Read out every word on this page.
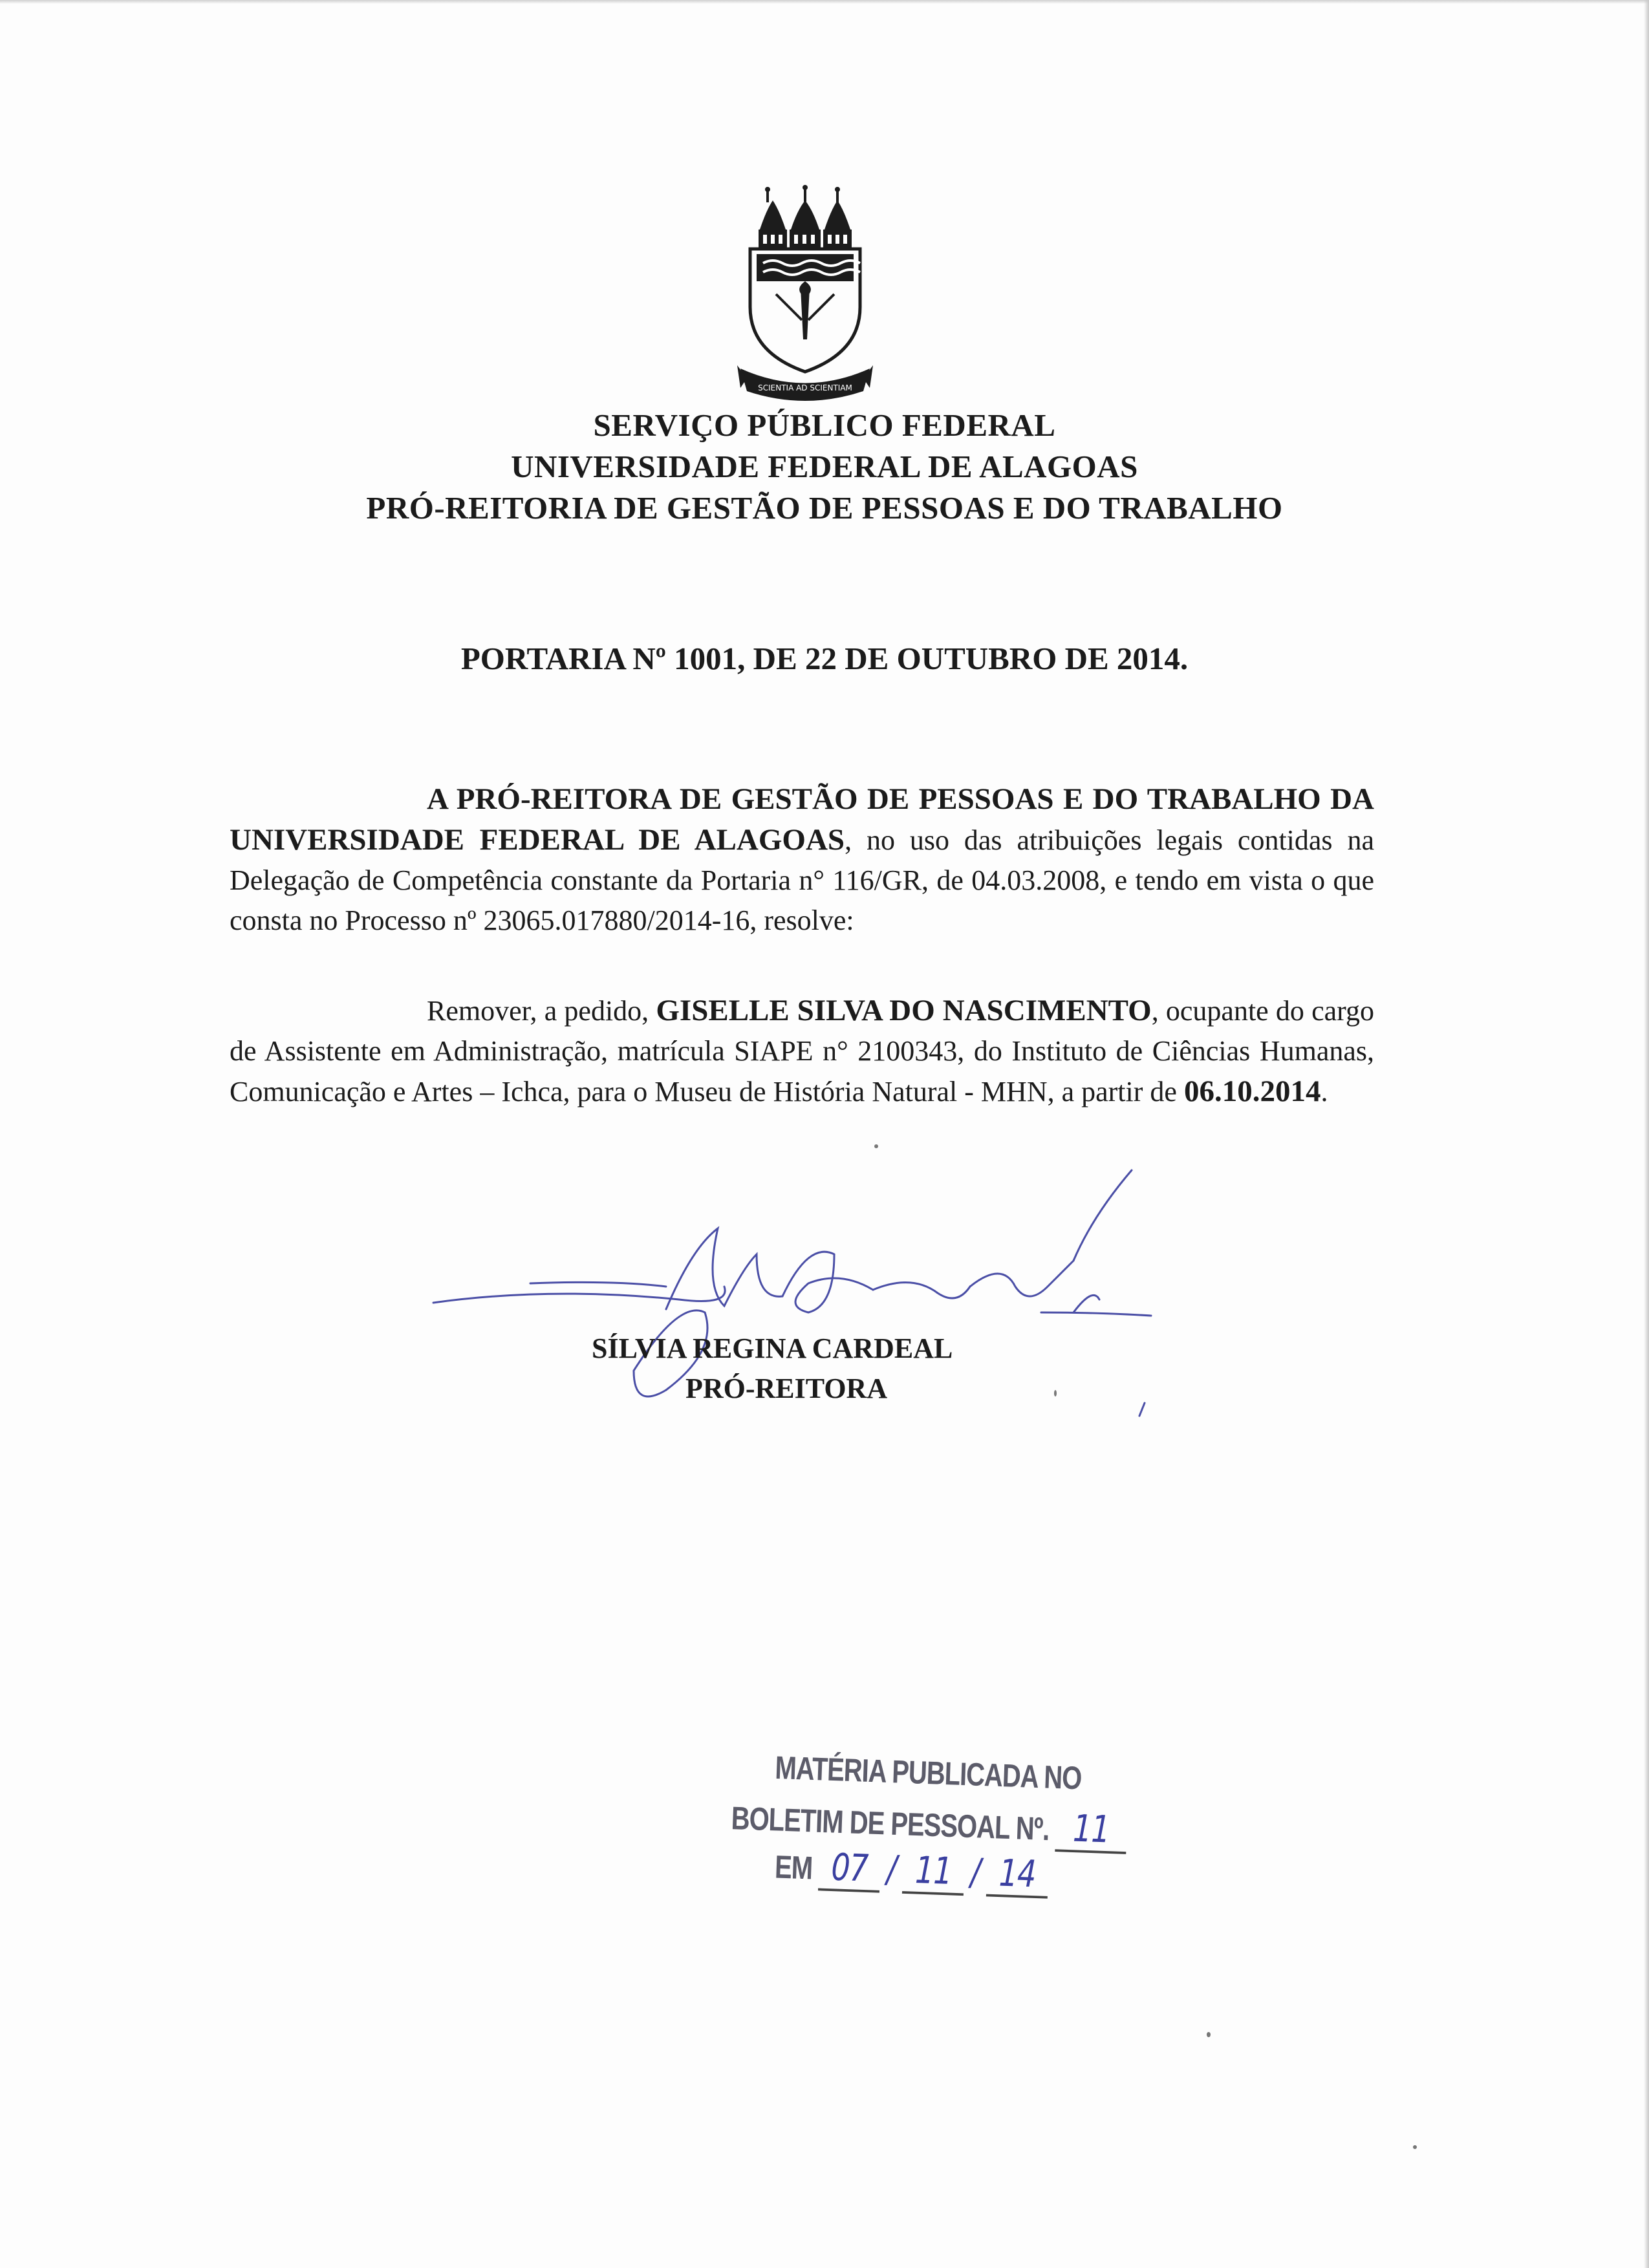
SCIENTIA AD SCIENTIAM
SERVIÇO PÚBLICO FEDERAL
UNIVERSIDADE FEDERAL DE ALAGOAS
PRÓ-REITORIA DE GESTÃO DE PESSOAS E DO TRABALHO
PORTARIA Nº 1001, DE 22 DE OUTUBRO DE 2014.

A PRÓ-REITORA DE GESTÃO DE PESSOAS E DO TRABALHO DA UNIVERSIDADE FEDERAL DE ALAGOAS, no uso das atribuições legais contidas na Delegação de Competência constante da Portaria n° 116/GR, de 04.03.2008, e tendo em vista o que consta no Processo nº 23065.017880/2014-16, resolve:

Remover, a pedido, GISELLE SILVA DO NASCIMENTO, ocupante do cargo de Assistente em Administração, matrícula SIAPE n° 2100343, do Instituto de Ciências Humanas, Comunicação e Artes – Ichca, para o Museu de História Natural - MHN, a partir de 06.10.2014.

SÍLVIA REGINA CARDEAL
PRÓ-REITORA
MATÉRIA PUBLICADA NO
BOLETIM DE PESSOAL Nº. 11
EM 07 / 11 / 14
